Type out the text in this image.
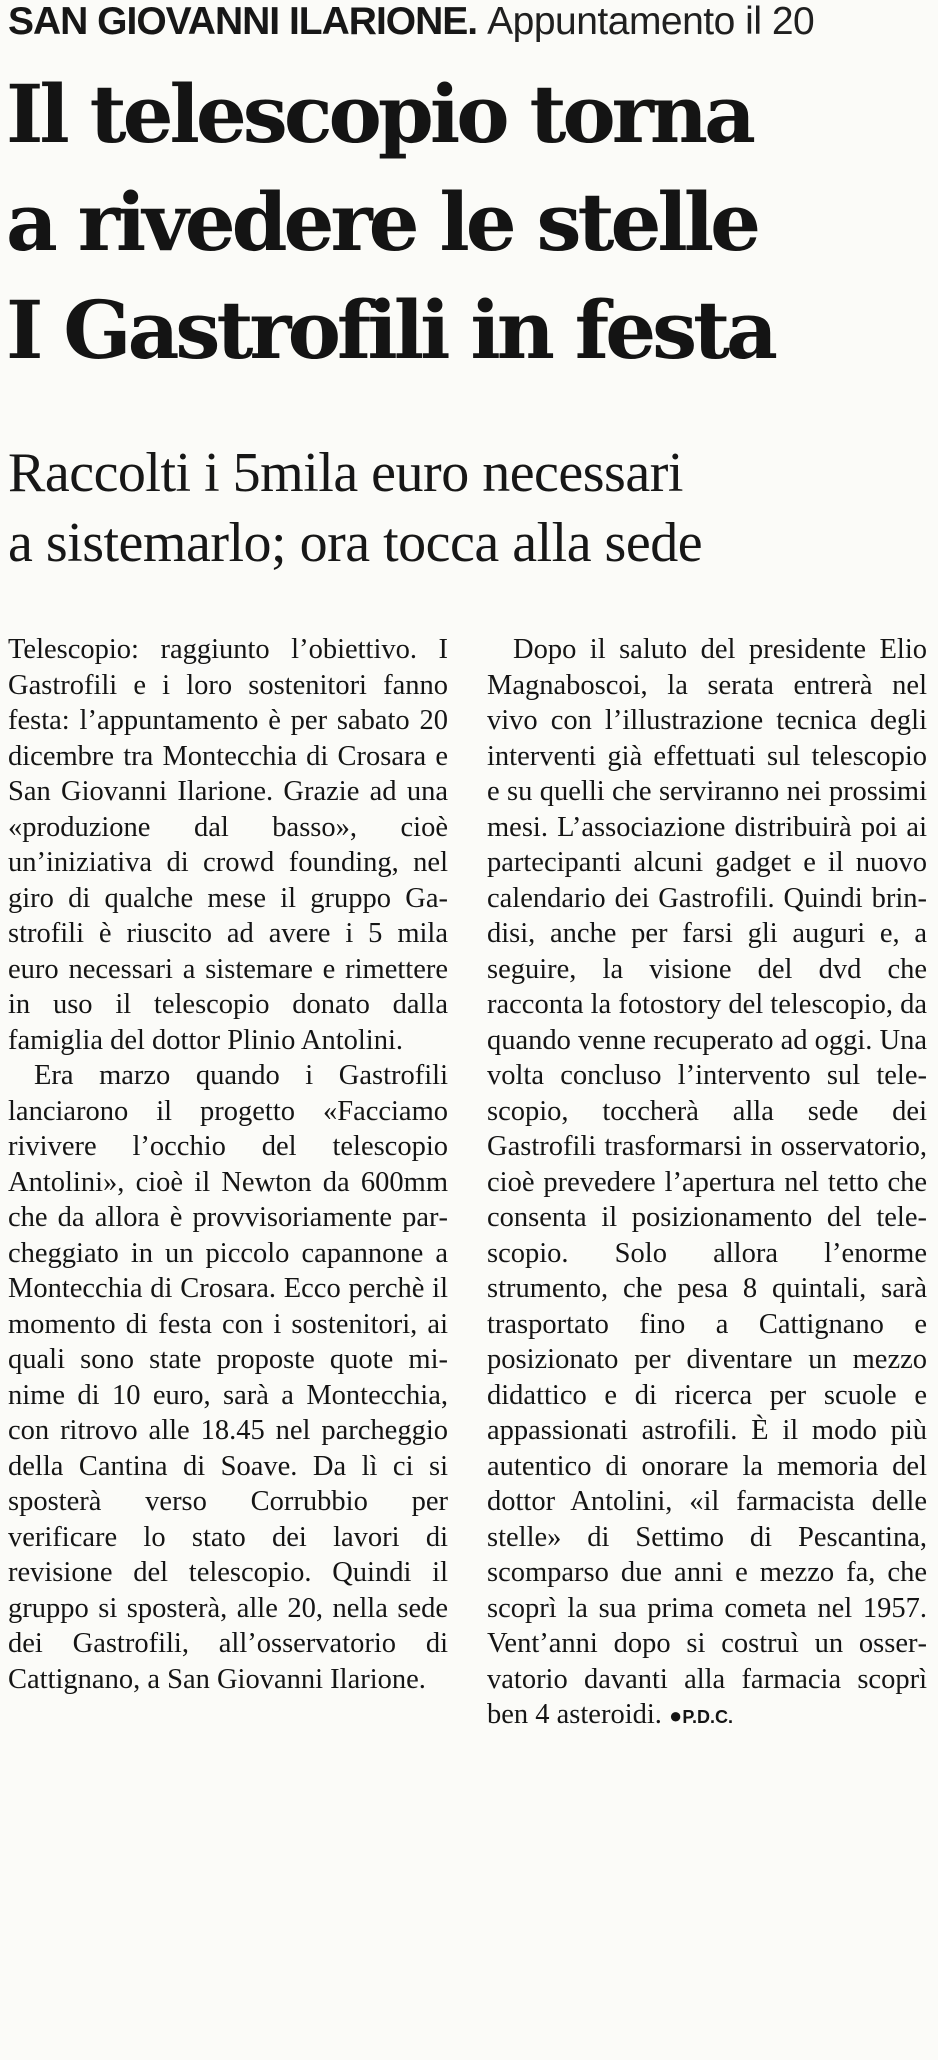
SAN GIOVANNI ILARIONE. Appuntamento il 20
Il telescopio torna
a rivedere le stelle
I Gastrofili in festa
Raccolti i 5mila euro necessari
a sistemarlo; ora tocca alla sede

Telescopio: raggiunto l’obiettivo. I Gastrofili e i loro sostenitori fanno festa: l’appuntamento è per sabato 20 dicembre tra Montecchia di Crosara e San Giovanni Ilarione. Grazie ad una «produzione dal basso», cioè un’iniziativa di crowd founding, nel giro di qualche mese il gruppo Gastrofili è riuscito ad avere i 5 mila euro necessari a sistemare e rimettere in uso il telescopio donato dalla famiglia del dottor Plinio Antolini.

Era marzo quando i Gastrofili lanciarono il progetto «Facciamo rivivere l’occhio del telescopio Antolini», cioè il Newton da 600mm che da allora è provvisoriamente parcheggiato in un piccolo capannone a Montecchia di Crosara. Ecco perchè il momento di festa con i sostenitori, ai quali sono state proposte quote minime di 10 euro, sarà a Montecchia, con ritrovo alle 18.45 nel parcheggio della Cantina di Soave. Da lì ci si sposterà verso Corrubbio per verificare lo stato dei lavori di revisione del telescopio. Quindi il gruppo si sposterà, alle 20, nella sede dei Gastrofili, all’osservatorio di Cattignano, a San Giovanni Ilarione.

Dopo il saluto del presidente Elio Magnaboscoi, la serata entrerà nel vivo con l’illustrazione tecnica degli interventi già effettuati sul telescopio e su quelli che serviranno nei prossimi mesi. L’associazione distribuirà poi ai partecipanti alcuni gadget e il nuovo calendario dei Gastrofili. Quindi brindisi, anche per farsi gli auguri e, a seguire, la visione del dvd che racconta la fotostory del telescopio, da quando venne recuperato ad oggi. Una volta concluso l’intervento sul telescopio, toccherà alla sede dei Gastrofili trasformarsi in osservatorio, cioè prevedere l’apertura nel tetto che consenta il posizionamento del telescopio. Solo allora l’enorme strumento, che pesa 8 quintali, sarà trasportato fino a Cattignano e posizionato per diventare un mezzo didattico e di ricerca per scuole e appassionati astrofili. È il modo più autentico di onorare la memoria del dottor Antolini, «il farmacista delle stelle» di Settimo di Pescantina, scomparso due anni e mezzo fa, che scoprì la sua prima cometa nel 1957. Vent’anni dopo si costruì un osservatorio davanti alla farmacia scoprì ben 4 asteroidi. ●P.D.C.
